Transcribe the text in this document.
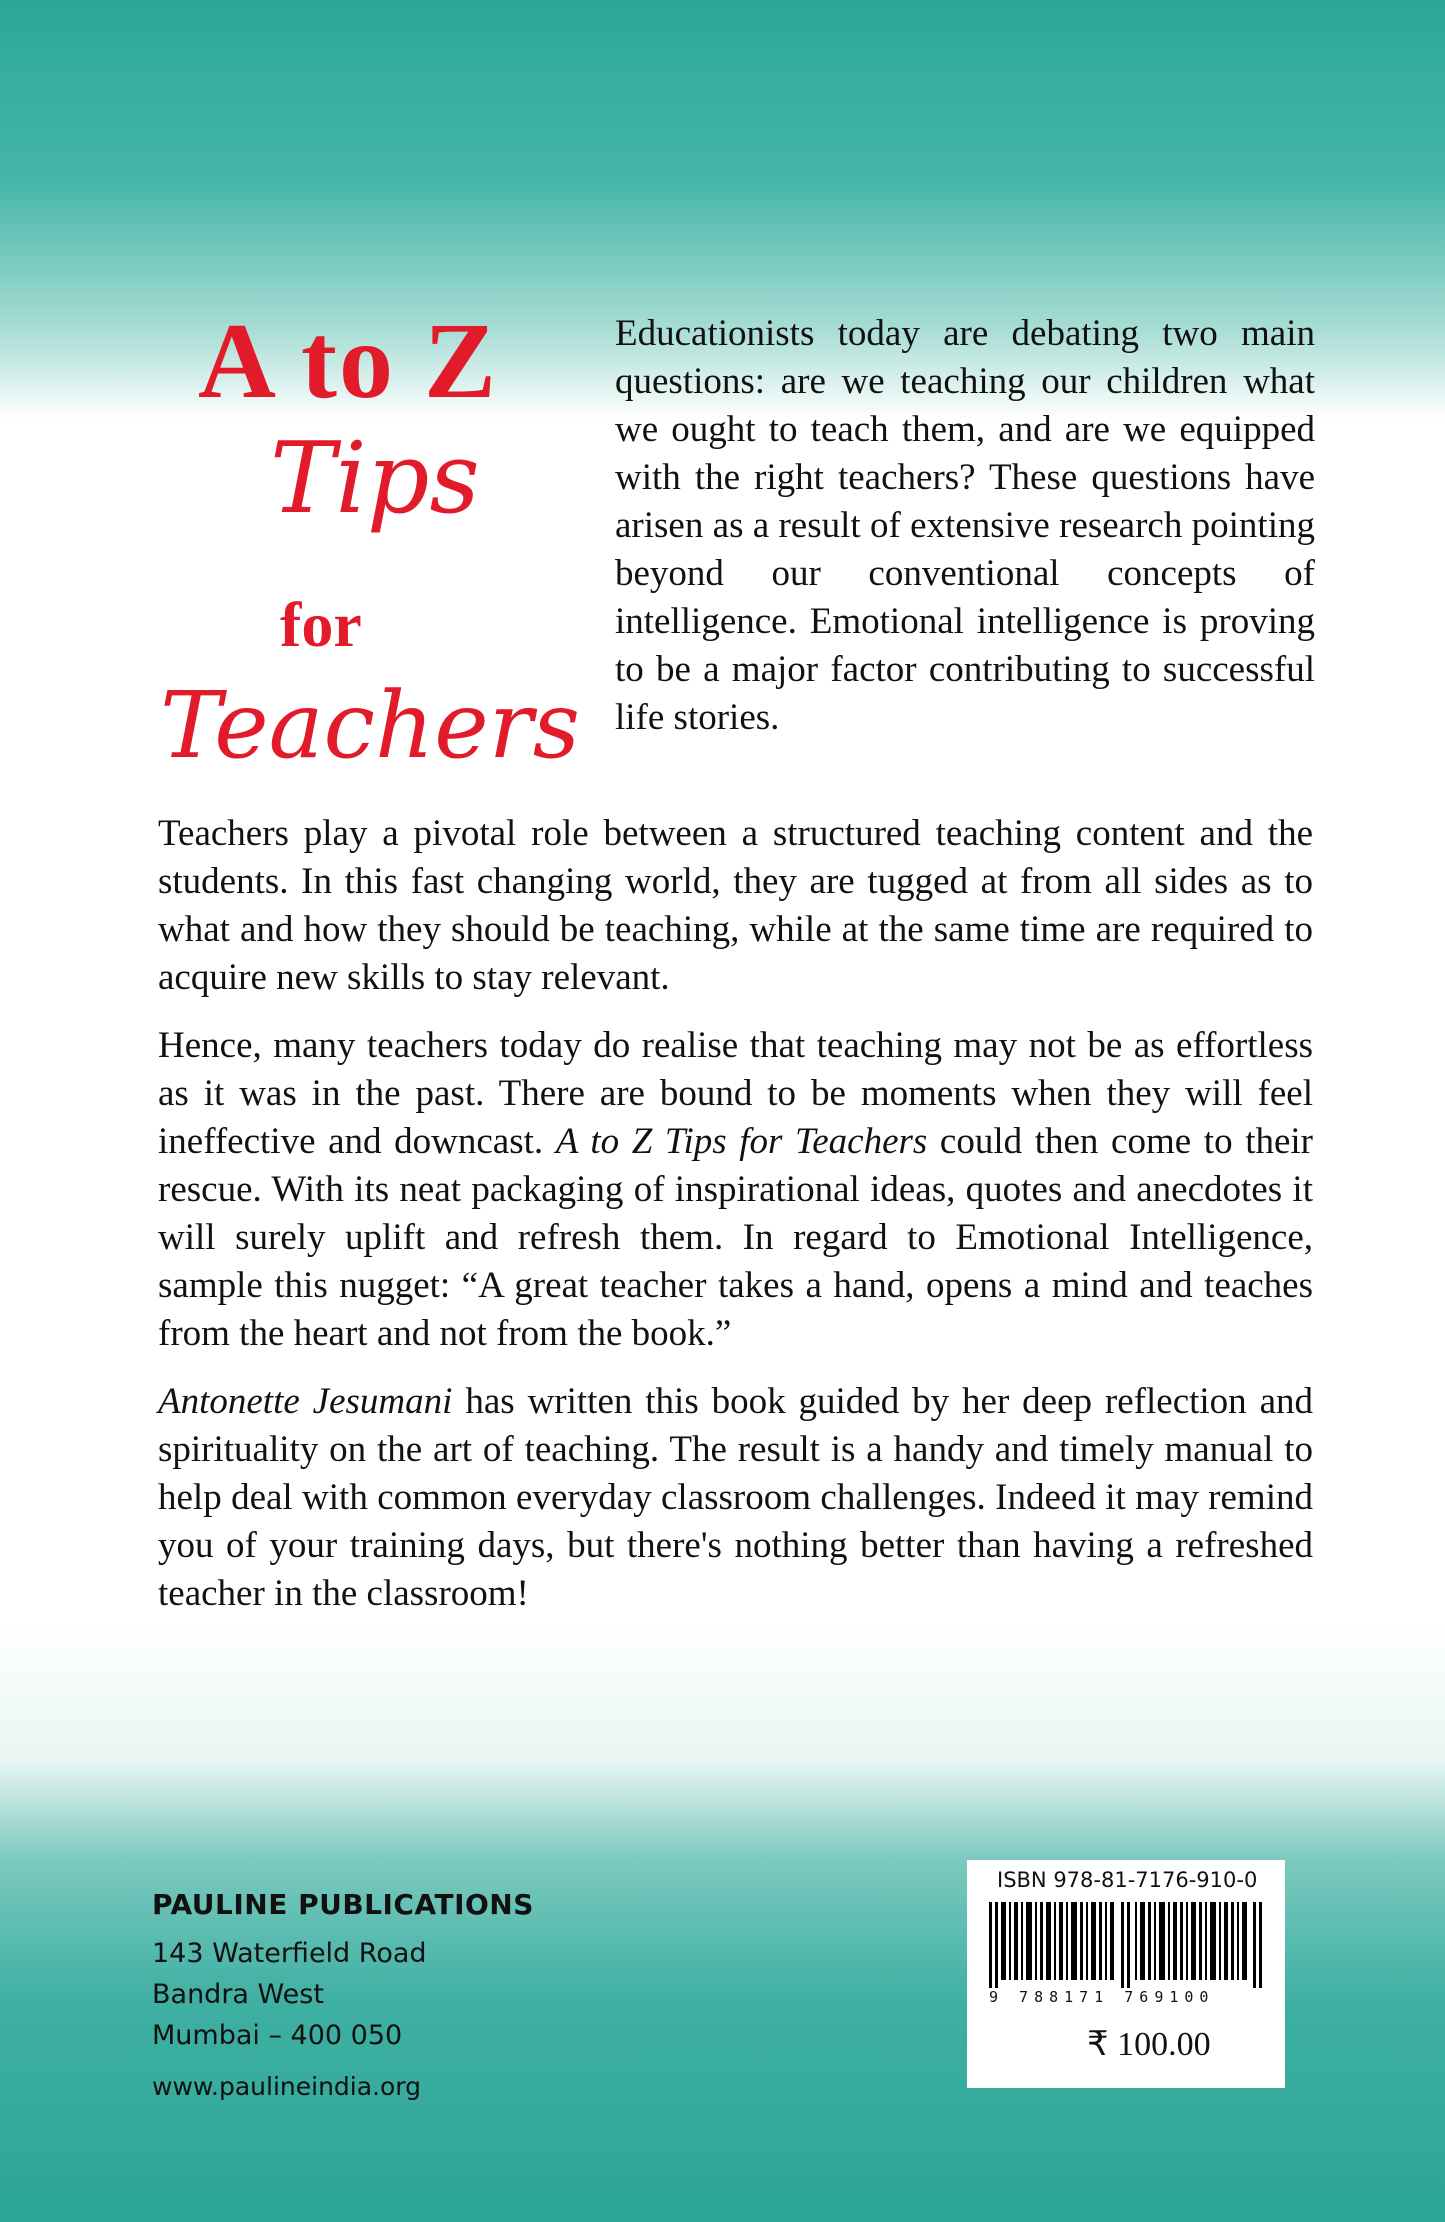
A to Z
Tips
for
Teachers

Educationists today are debating two main questions: are we teaching our children what we ought to teach them, and are we equipped with the right teachers? These questions have arisen as a result of extensive research pointing beyond our conventional concepts of intelligence. Emotional intelligence is proving to be a major factor contributing to successful life stories.

Teachers play a pivotal role between a structured teaching content and the students. In this fast changing world, they are tugged at from all sides as to what and how they should be teaching, while at the same time are required to acquire new skills to stay relevant.

Hence, many teachers today do realise that teaching may not be as effortless as it was in the past. There are bound to be moments when they will feel ineffective and downcast. A to Z Tips for Teachers could then come to their rescue. With its neat packaging of inspirational ideas, quotes and anecdotes it will surely uplift and refresh them. In regard to Emotional Intelligence, sample this nugget: “A great teacher takes a hand, opens a mind and teaches from the heart and not from the book.”

Antonette Jesumani has written this book guided by her deep reflection and spirituality on the art of teaching. The result is a handy and timely manual to help deal with common everyday classroom challenges. Indeed it may remind you of your training days, but there's nothing better than having a refreshed teacher in the classroom!

PAULINE PUBLICATIONS
143 Waterfield Road
Bandra West
Mumbai – 400 050
www.paulineindia.org
ISBN 978-81-7176-910-0
9 788171 769100
₹ 100.00
